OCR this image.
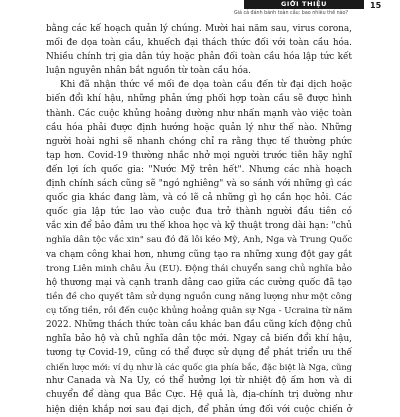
GIỚI THIỆU
Giá cả đánh bánh toàn cầu: bao nhiêu thế nào?
15
bằng các kế hoạch quản lý chúng. Mười hai năm sau, virus corona,
mối đe dọa toàn cầu, khuếch đại thách thức đối với toàn cầu hóa.
Nhiều chính trị gia dân túy hoặc phản đối toàn cầu hóa lập tức kết
luận nguyên nhân bắt nguồn từ toàn cầu hóa.
Khi đã nhận thức về mối đe dọa toàn cầu đến từ đại dịch hoặc
biến đổi khí hậu, những phản ứng phối hợp toàn cầu sẽ được hình
thành. Các cuộc khủng hoảng dường như nhấn mạnh vào việc toàn
cầu hóa phải được định hướng hoặc quản lý như thế nào. Những
người hoài nghi sẽ nhanh chóng chỉ ra rằng thực tế thường phức
tạp hơn. Covid-19 thường nhắc nhở mọi người trước tiên hãy nghĩ
đến lợi ích quốc gia: "Nước Mỹ trên hết". Nhưng các nhà hoạch
định chính sách cũng sẽ "ngó nghiêng" và so sánh với những gì các
quốc gia khác đang làm, và có lẽ cả những gì họ cần học hỏi. Các
quốc gia lập tức lao vào cuộc đua trở thành người đầu tiên có
vắc xin để bảo đảm ưu thế khoa học và kỹ thuật trong dài hạn: "chủ
nghĩa dân tộc vắc xin" sau đó đã lôi kéo Mỹ, Anh, Nga và Trung Quốc
va chạm công khai hơn, nhưng cũng tạo ra những xung đột gay gắt
trong Liên minh châu Âu (EU). Động thái chuyển sang chủ nghĩa bảo
hộ thương mại và cạnh tranh dâng cao giữa các cường quốc đã tạo
tiền đề cho quyết tâm sử dụng nguồn cung năng lượng như một công
cụ tống tiền, rồi đến cuộc khủng hoảng quân sự Nga - Ucraina từ năm
2022. Những thách thức toàn cầu khác ban đầu cũng kích động chủ
nghĩa bảo hộ và chủ nghĩa dân tộc mới. Ngay cả biến đổi khí hậu,
tương tự Covid-19, cũng có thể được sử dụng để phát triển ưu thế
chiến lược mới: ví dụ như là các quốc gia phía bắc, đặc biệt là Nga, cũng
như Canada và Na Uy, có thể hưởng lợi từ nhiệt độ ấm hơn và di
chuyển để dàng qua Bắc Cực. Hệ quả là, địa-chính trị dường như
hiện diện khắp nơi sau đại dịch, để phản ứng đối với cuộc chiến ở
